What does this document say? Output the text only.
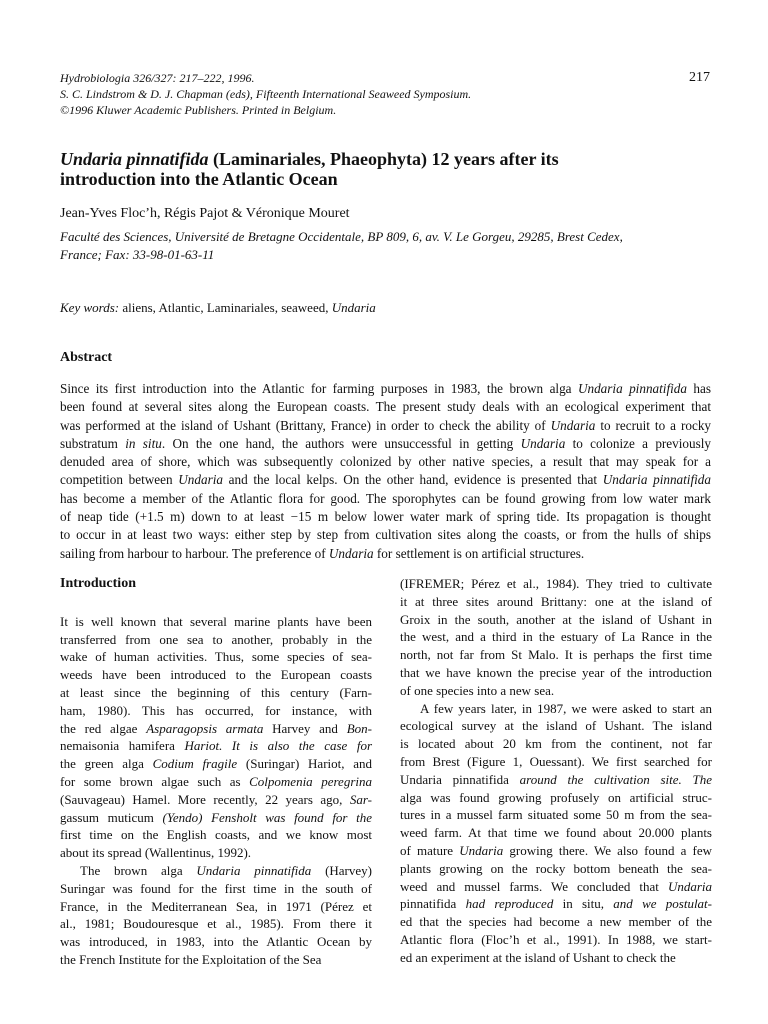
Hydrobiologia 326/327: 217–222, 1996.
S. C. Lindstrom & D. J. Chapman (eds), Fifteenth International Seaweed Symposium.
©1996 Kluwer Academic Publishers. Printed in Belgium.
217
Undaria pinnatifida (Laminariales, Phaeophyta) 12 years after its
introduction into the Atlantic Ocean
Jean-Yves Floc’h, Régis Pajot & Véronique Mouret
Faculté des Sciences, Université de Bretagne Occidentale, BP 809, 6, av. V. Le Gorgeu, 29285, Brest Cedex,
France; Fax: 33-98-01-63-11
Key words: aliens, Atlantic, Laminariales, seaweed, Undaria
Abstract
Since its first introduction into the Atlantic for farming purposes in 1983, the brown alga Undaria pinnatifida has
been found at several sites along the European coasts. The present study deals with an ecological experiment that
was performed at the island of Ushant (Brittany, France) in order to check the ability of Undaria to recruit to a rocky
substratum in situ. On the one hand, the authors were unsuccessful in getting Undaria to colonize a previously
denuded area of shore, which was subsequently colonized by other native species, a result that may speak for a
competition between Undaria and the local kelps. On the other hand, evidence is presented that Undaria pinnatifida
has become a member of the Atlantic flora for good. The sporophytes can be found growing from low water mark
of neap tide (+1.5 m) down to at least −15 m below lower water mark of spring tide. Its propagation is thought
to occur in at least two ways: either step by step from cultivation sites along the coasts, or from the hulls of ships
sailing from harbour to harbour. The preference of Undaria for settlement is on artificial structures.
Introduction
It is well known that several marine plants have been
transferred from one sea to another, probably in the
wake of human activities. Thus, some species of sea-
weeds have been introduced to the European coasts
at least since the beginning of this century (Farn-
ham, 1980). This has occurred, for instance, with
the red algae Asparagopsis armata Harvey and Bon-
nemaisonia hamifera Hariot. It is also the case for
the green alga Codium fragile (Suringar) Hariot, and
for some brown algae such as Colpomenia peregrina
(Sauvageau) Hamel. More recently, 22 years ago, Sar-
gassum muticum (Yendo) Fensholt was found for the
first time on the English coasts, and we know most
about its spread (Wallentinus, 1992).
The brown alga Undaria pinnatifida (Harvey)
Suringar was found for the first time in the south of
France, in the Mediterranean Sea, in 1971 (Pérez et
al., 1981; Boudouresque et al., 1985). From there it
was introduced, in 1983, into the Atlantic Ocean by
the French Institute for the Exploitation of the Sea
(IFREMER; Pérez et al., 1984). They tried to cultivate
it at three sites around Brittany: one at the island of
Groix in the south, another at the island of Ushant in
the west, and a third in the estuary of La Rance in the
north, not far from St Malo. It is perhaps the first time
that we have known the precise year of the introduction
of one species into a new sea.
A few years later, in 1987, we were asked to start an
ecological survey at the island of Ushant. The island
is located about 20 km from the continent, not far
from Brest (Figure 1, Ouessant). We first searched for
Undaria pinnatifida around the cultivation site. The
alga was found growing profusely on artificial struc-
tures in a mussel farm situated some 50 m from the sea-
weed farm. At that time we found about 20.000 plants
of mature Undaria growing there. We also found a few
plants growing on the rocky bottom beneath the sea-
weed and mussel farms. We concluded that Undaria
pinnatifida had reproduced in situ, and we postulat-
ed that the species had become a new member of the
Atlantic flora (Floc’h et al., 1991). In 1988, we start-
ed an experiment at the island of Ushant to check the
